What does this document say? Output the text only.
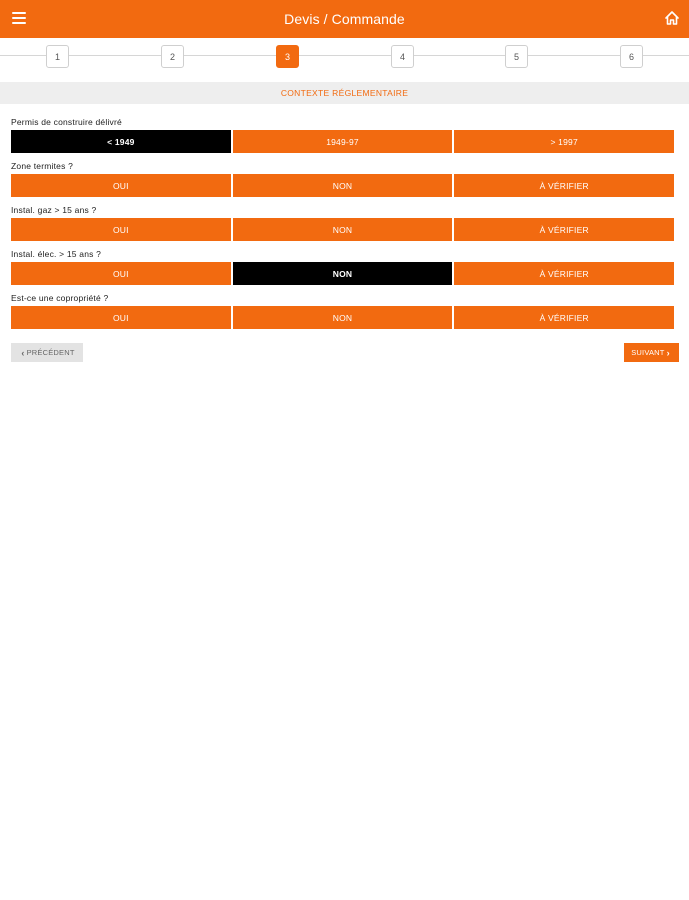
Devis / Commande
1	2	3	4	5	6
CONTEXTE RÉGLEMENTAIRE
Permis de construire délivré
< 1949	1949-97	> 1997
Zone termites ?
OUI	NON	À VÉRIFIER
Instal. gaz > 15 ans ?
OUI	NON	À VÉRIFIER
Instal. élec. > 15 ans ?
OUI	NON	À VÉRIFIER
Est-ce une copropriété ?
OUI	NON	À VÉRIFIER
‹ PRÉCÉDENT	SUIVANT ›
